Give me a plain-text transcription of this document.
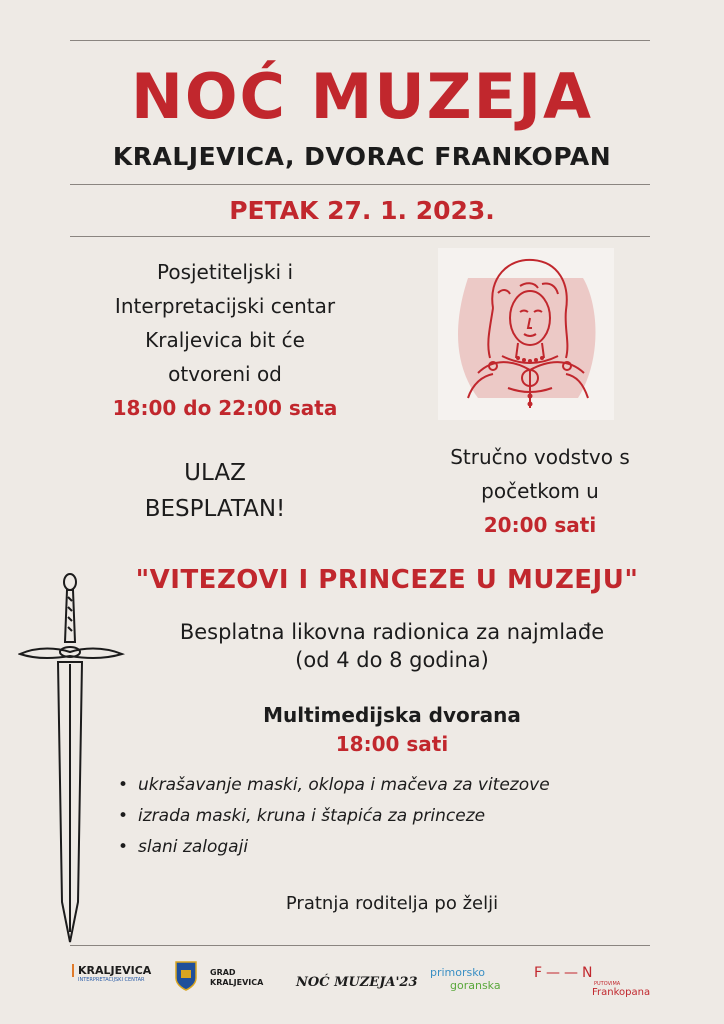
NOĆ MUZEJA
KRALJEVICA, DVORAC FRANKOPAN
PETAK 27. 1. 2023.
Posjetiteljski i
Interpretacijski centar
Kraljevica bit će
otvoreni od
18:00 do 22:00 sata
ULAZ
BESPLATAN!
Stručno vodstvo s
početkom u
20:00 sati
"VITEZOVI I PRINCEZE U MUZEJU"
Besplatna likovna radionica za najmlađe
(od 4 do 8 godina)
Multimedijska dvorana
18:00 sati
• ukrašavanje maski, oklopa i mačeva za vitezove
• izrada maski, kruna i štapića za princeze
• slani zalogaji
Pratnja roditelja po želji
KRALJEVICA
INTERPRETACIJSKI CENTAR
GRAD
KRALJEVICA	NOĆ MUZEJA'23
primorsko
goranska
F——N
PUTOVIMA
Frankopana
